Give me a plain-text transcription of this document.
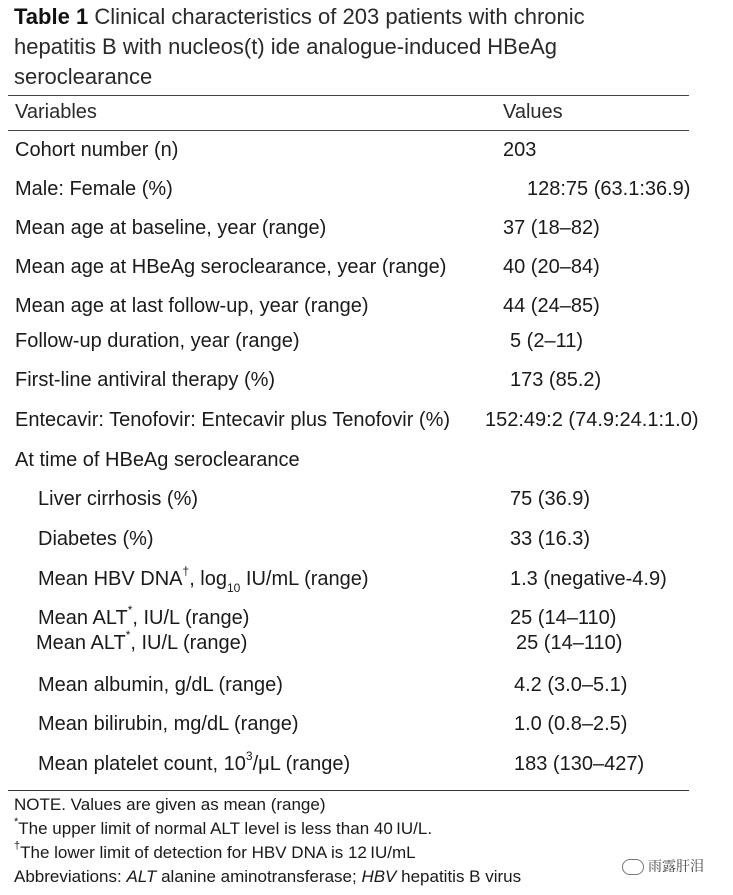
Table 1 Clinical characteristics of 203 patients with chronic
hepatitis B with nucleos(t) ide analogue-induced HBeAg
seroclearance
Variables	Values
Cohort number (n)	203
Male: Female (%)	128:75 (63.1:36.9)
Mean age at baseline, year (range)	37 (18–82)
Mean age at HBeAg seroclearance, year (range)	40 (20–84)
Mean age at last follow-up, year (range)	44 (24–85)
Follow-up duration, year (range)	5 (2–11)
First-line antiviral therapy (%)	173 (85.2)
Entecavir: Tenofovir: Entecavir plus Tenofovir (%) 152:49:2 (74.9:24.1:1.0)
At time of HBeAg seroclearance
Liver cirrhosis (%)	75 (36.9)
Diabetes (%)	33 (16.3)
Mean HBV DNA†, $\log_{10} IU/mL$ (range)	1.3 (negative-4.9)
Mean ALT*, IU/L (range)	25 (14–110)
Mean ALT*, IU/L (range)	25 (14–110)
Mean albumin, g/dL (range)	4.2 (3.0–5.1)
Mean bilirubin, mg/dL (range)	1.0 (0.8–2.5)
Mean platelet count, $10^3/\mu L$ (range)	183 (130–427)
NOTE. Values are given as mean (range)
*The upper limit of normal ALT level is less than 40 IU/L.
†The lower limit of detection for HBV DNA is 12 IU/mL
Abbreviations: ALT alanine aminotransferase; HBV hepatitis B virus
雨露肝泪
